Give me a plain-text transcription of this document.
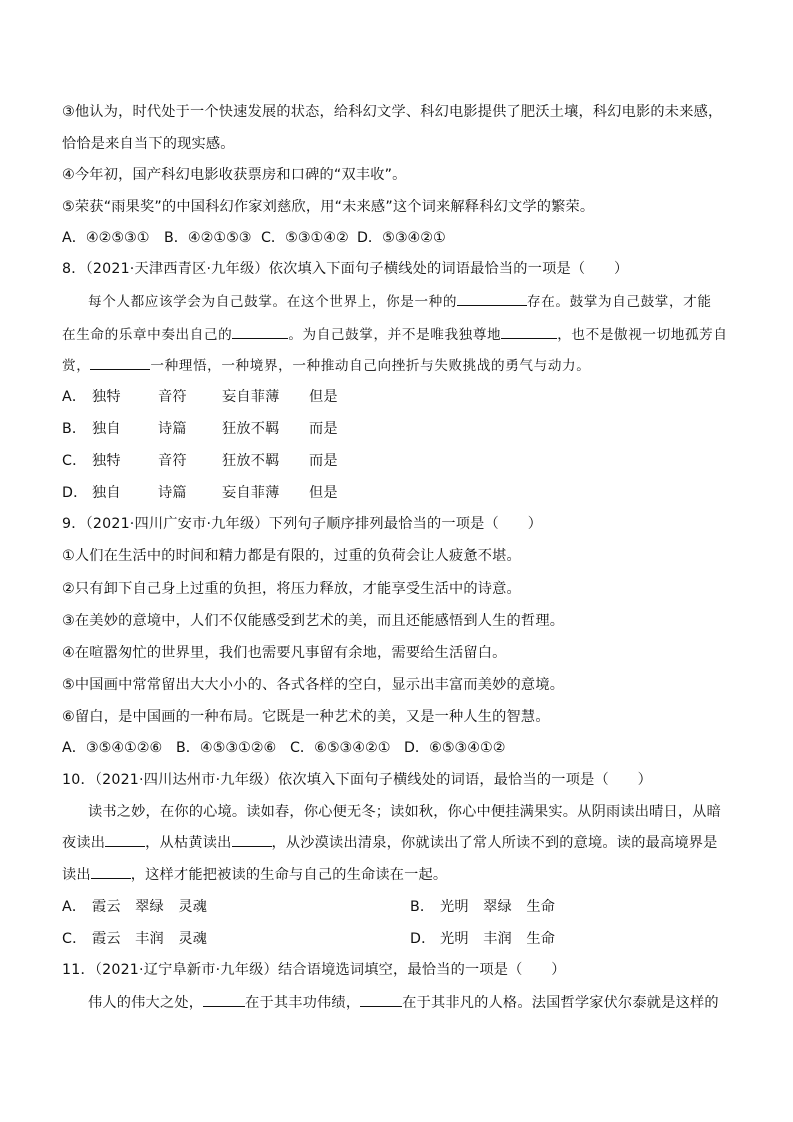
③他认为，时代处于一个快速发展的状态，给科幻文学、科幻电影提供了肥沃土壤，科幻电影的未来感，
恰恰是来自当下的现实感。
④今年初，国产科幻电影收获票房和口碑的“双丰收”。
⑤荣获“雨果奖”的中国科幻作家刘慈欣，用“未来感”这个词来解释科幻文学的繁荣。
A．④②⑤③① B．④②①⑤③ C．⑤③①④② D．⑤③④②①
8．（2021·天津西青区·九年级）依次填入下面句子横线处的词语最恰当的一项是（　　）
每个人都应该学会为自己鼓掌。在这个世界上，你是一种的	存在。鼓掌为自己鼓掌，才能
在生命的乐章中奏出自己的	。为自己鼓掌，并不是唯我独尊地	，也不是傲视一切地孤芳自
赏，	一种理悟，一种境界，一种推动自己向挫折与失败挑战的勇气与动力。
A． 独特	音符 妄自菲薄 但是
B． 独自	诗篇 狂放不羁 而是
C． 独特	音符 狂放不羁 而是
D． 独自	诗篇 妄自菲薄 但是
9．（2021·四川广安市·九年级）下列句子顺序排列最恰当的一项是（　　）
①人们在生活中的时间和精力都是有限的，过重的负荷会让人疲惫不堪。
②只有卸下自己身上过重的负担，将压力释放，才能享受生活中的诗意。
③在美妙的意境中，人们不仅能感受到艺术的美，而且还能感悟到人生的哲理。
④在喧嚣匆忙的世界里，我们也需要凡事留有余地，需要给生活留白。
⑤中国画中常常留出大大小小的、各式各样的空白，显示出丰富而美妙的意境。
⑥留白，是中国画的一种布局。它既是一种艺术的美，又是一种人生的智慧。
A．③⑤④①②⑥ B．④⑤③①②⑥ C．⑥⑤③④②① D．⑥⑤③④①②
10．（2021·四川达州市·九年级）依次填入下面句子横线处的词语，最恰当的一项是（　　）
读书之妙，在你的心境。读如春，你心便无冬；读如秋，你心中便挂满果实。从阴雨读出晴日，从暗
夜读出	，从枯黄读出	，从沙漠读出清泉，你就读出了常人所读不到的意境。读的最高境界是
读出	，这样才能把被读的生命与自己的生命读在一起。
A． 霞云　翠绿　灵魂	B． 光明　翠绿　生命
C． 霞云　丰润　灵魂	D． 光明　丰润　生命
11．（2021·辽宁阜新市·九年级）结合语境选词填空，最恰当的一项是（　　）
伟人的伟大之处，	在于其丰功伟绩，	在于其非凡的人格。法国哲学家伏尔泰就是这样的
